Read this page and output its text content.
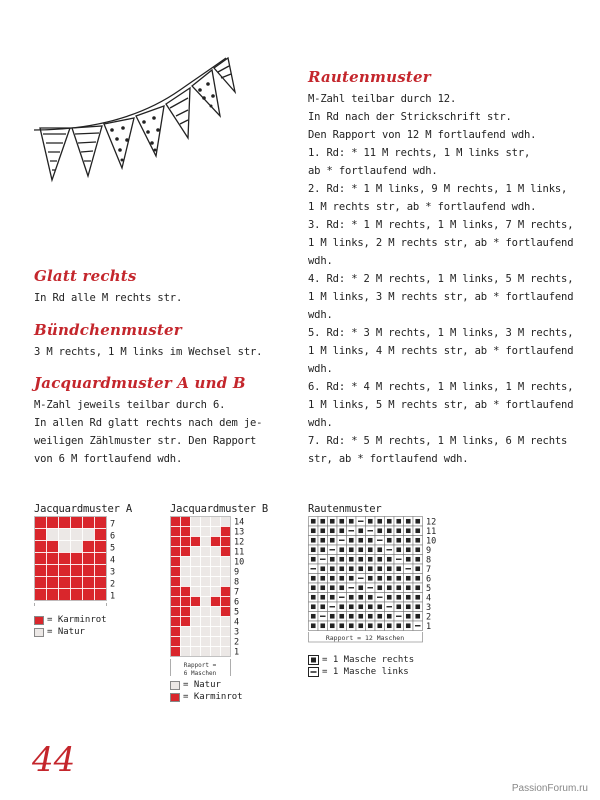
Glatt rechts
In Rd alle M rechts str.
Bündchenmuster
3 M rechts, 1 M links im Wechsel str.
Jacquardmuster A und B
M-Zahl jeweils teilbar durch 6.
In allen Rd glatt rechts nach dem je-
weiligen Zählmuster str. Den Rapport
von 6 M fortlaufend wdh.
Rautenmuster
M-Zahl teilbar durch 12.
In Rd nach der Strickschrift str.
Den Rapport von 12 M fortlaufend wdh.
1. Rd: * 11 M rechts, 1 M links str,
ab * fortlaufend wdh.
2. Rd: * 1 M links, 9 M rechts, 1 M links,
1 M rechts str, ab * fortlaufend wdh.
3. Rd: * 1 M rechts, 1 M links, 7 M rechts,
1 M links, 2 M rechts str, ab * fortlaufend
wdh.
4. Rd: * 2 M rechts, 1 M links, 5 M rechts,
1 M links, 3 M rechts str, ab * fortlaufend
wdh.
5. Rd: * 3 M rechts, 1 M links, 3 M rechts,
1 M links, 4 M rechts str, ab * fortlaufend
wdh.
6. Rd: * 4 M rechts, 1 M links, 1 M rechts,
1 M links, 5 M rechts str, ab * fortlaufend
wdh.
7. Rd: * 5 M rechts, 1 M links, 6 M rechts
str, ab * fortlaufend wdh.
Jacquardmuster A	Jacquardmuster B	Rautenmuster
7
6
5
4
3
2
1
14
13
12
11
10
9
8
7
6
5
4
3
2
1
Rapport =
6 Maschen
12
11
10
9
8
7
6
5
4
3
2
1
Rapport = 12 Maschen
= Karminrot
= Natur
= Natur
= Karminrot
= 1 Masche rechts
= 1 Masche links
44
PassionForum.ru
